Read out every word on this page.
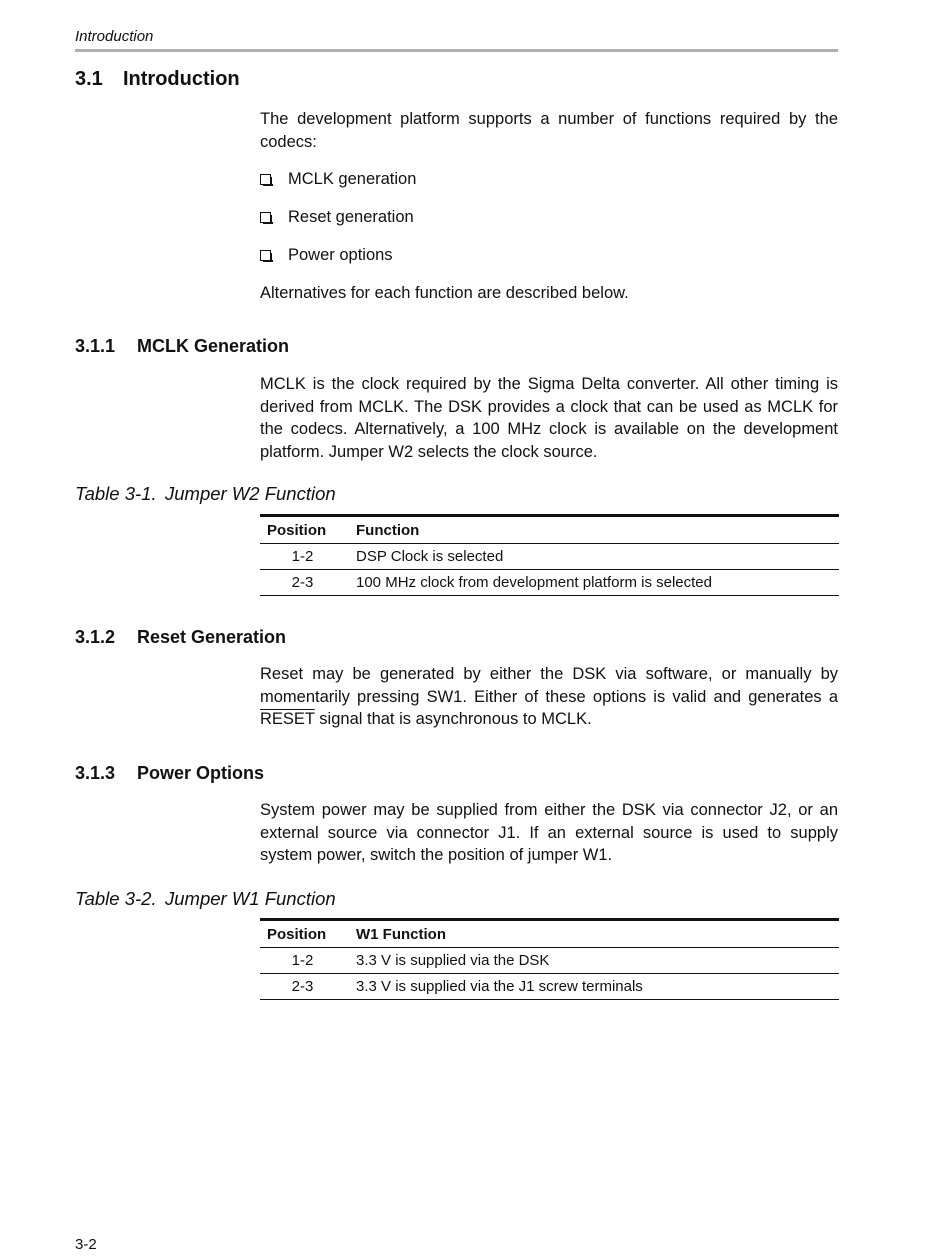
Introduction
3.1 Introduction

The development platform supports a number of functions required by the codecs:

MCLK generation
Reset generation
Power options

Alternatives for each function are described below.

3.1.1 MCLK Generation

MCLK is the clock required by the Sigma Delta converter. All other timing is derived from MCLK. The DSK provides a clock that can be used as MCLK for the codecs. Alternatively, a 100 MHz clock is available on the development platform. Jumper W2 selects the clock source.

Table 3-1. Jumper W2 Function
Position	Function
1-2	DSP Clock is selected
2-3	100 MHz clock from development platform is selected
3.1.2 Reset Generation

Reset may be generated by either the DSK via software, or manually by momentarily pressing SW1. Either of these options is valid and generates a RESET signal that is asynchronous to MCLK.

3.1.3 Power Options

System power may be supplied from either the DSK via connector J2, or an external source via connector J1. If an external source is used to supply system power, switch the position of jumper W1.

Table 3-2. Jumper W1 Function
Position	W1 Function
1-2	3.3 V is supplied via the DSK
2-3	3.3 V is supplied via the J1 screw terminals
3-2
